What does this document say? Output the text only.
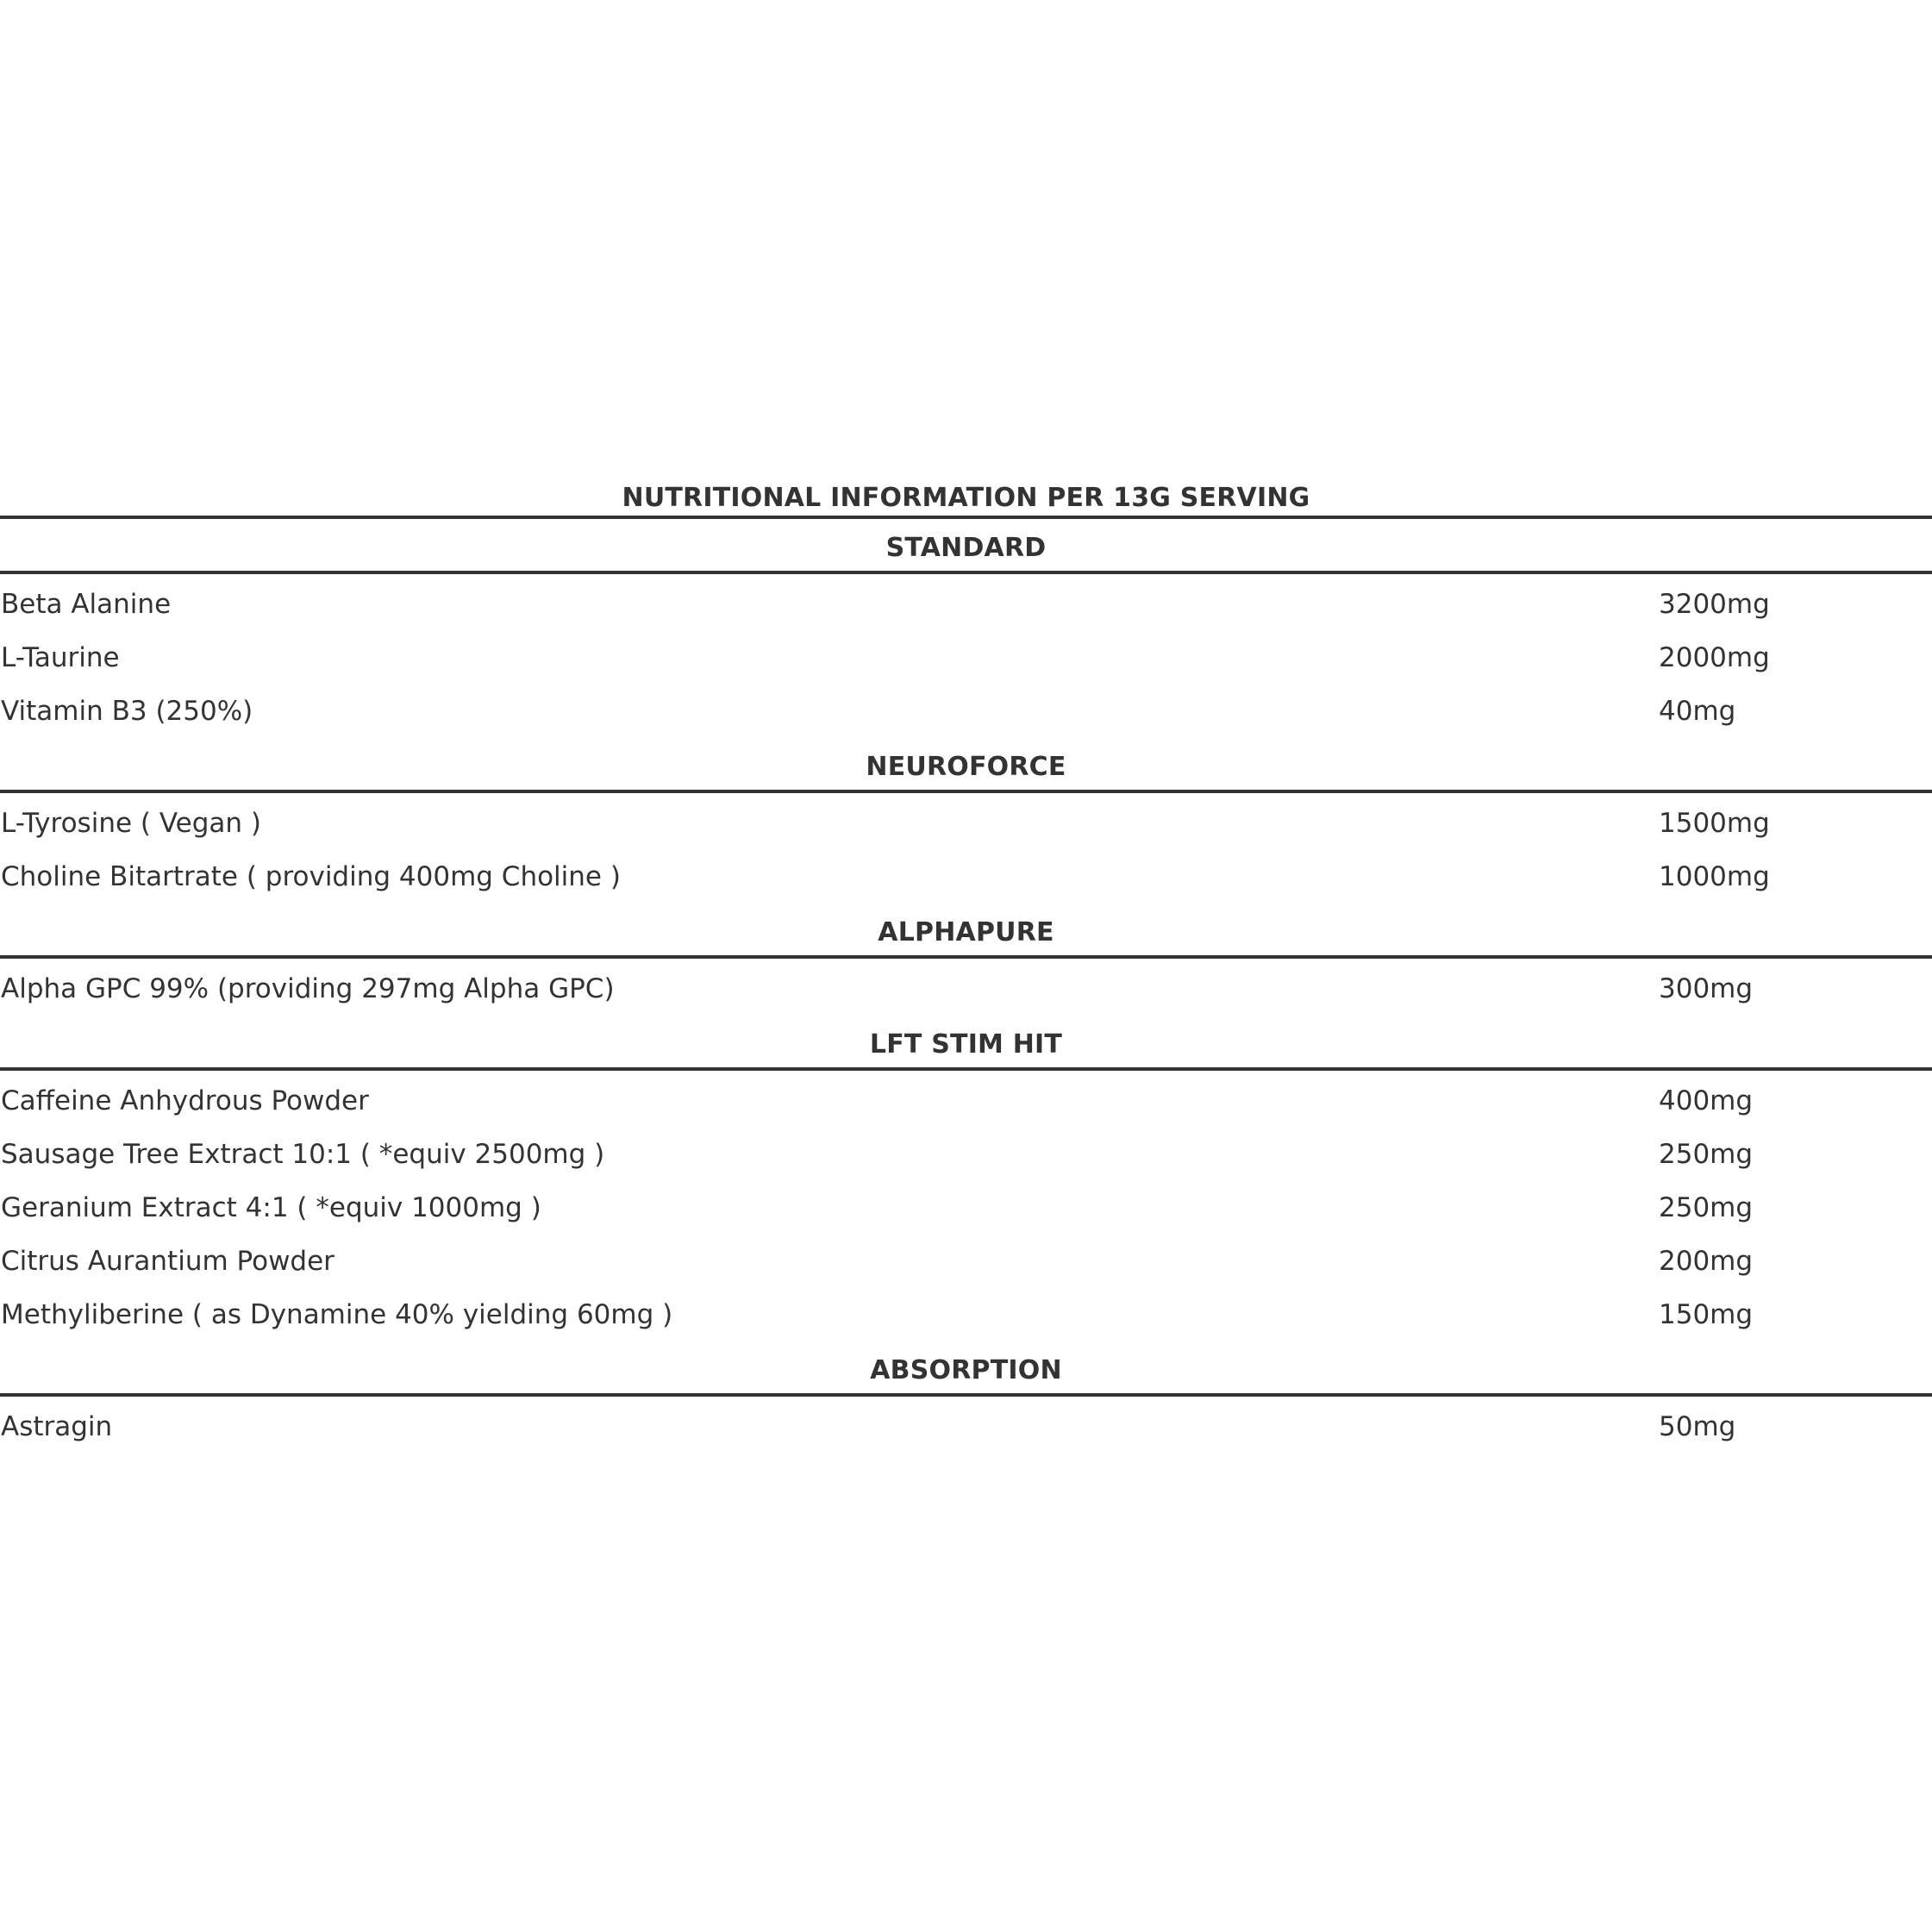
NUTRITIONAL INFORMATION PER 13G SERVING
STANDARD
Beta Alanine	3200mg
L-Taurine	2000mg
Vitamin B3 (250%)	40mg
NEUROFORCE
L-Tyrosine ( Vegan )	1500mg
Choline Bitartrate ( providing 400mg Choline )	1000mg
ALPHAPURE
Alpha GPC 99% (providing 297mg Alpha GPC)	300mg
LFT STIM HIT
Caffeine Anhydrous Powder	400mg
Sausage Tree Extract 10:1 ( *equiv 2500mg )	250mg
Geranium Extract 4:1 ( *equiv 1000mg )	250mg
Citrus Aurantium Powder	200mg
Methyliberine ( as Dynamine 40% yielding 60mg )	150mg
ABSORPTION
Astragin	50mg
